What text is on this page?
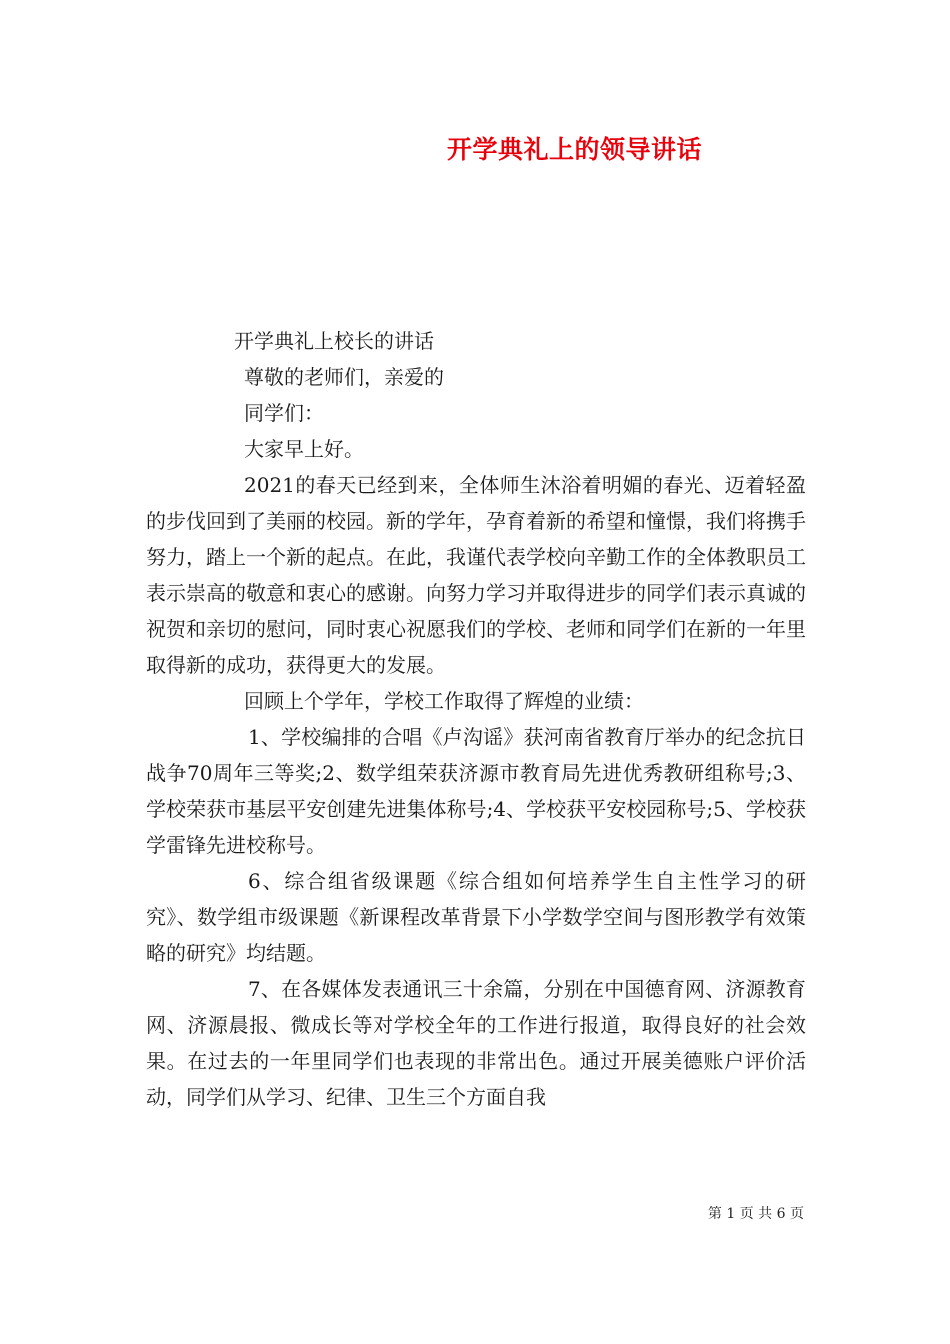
开学典礼上的领导讲话
开学典礼上校长的讲话
尊敬的老师们，亲爱的
同学们：
大家早上好。
2021的春天已经到来，全体师生沐浴着明媚的春光、迈着轻盈的步伐回到了美丽的校园。新的学年，孕育着新的希望和憧憬，我们将携手努力，踏上一个新的起点。在此，我谨代表学校向辛勤工作的全体教职员工表示崇高的敬意和衷心的感谢。向努力学习并取得进步的同学们表示真诚的祝贺和亲切的慰问，同时衷心祝愿我们的学校、老师和同学们在新的一年里取得新的成功，获得更大的发展。
回顾上个学年，学校工作取得了辉煌的业绩：
1、学校编排的合唱《卢沟谣》获河南省教育厅举办的纪念抗日战争70周年三等奖;2、数学组荣获济源市教育局先进优秀教研组称号;3、学校荣获市基层平安创建先进集体称号;4、学校获平安校园称号;5、学校获学雷锋先进校称号。
6、综合组省级课题《综合组如何培养学生自主性学习的研究》、数学组市级课题《新课程改革背景下小学数学空间与图形教学有效策略的研究》均结题。
7、在各媒体发表通讯三十余篇，分别在中国德育网、济源教育网、济源晨报、微成长等对学校全年的工作进行报道，取得良好的社会效果。在过去的一年里同学们也表现的非常出色。通过开展美德账户评价活动，同学们从学习、纪律、卫生三个方面自我
第 1 页 共 6 页
